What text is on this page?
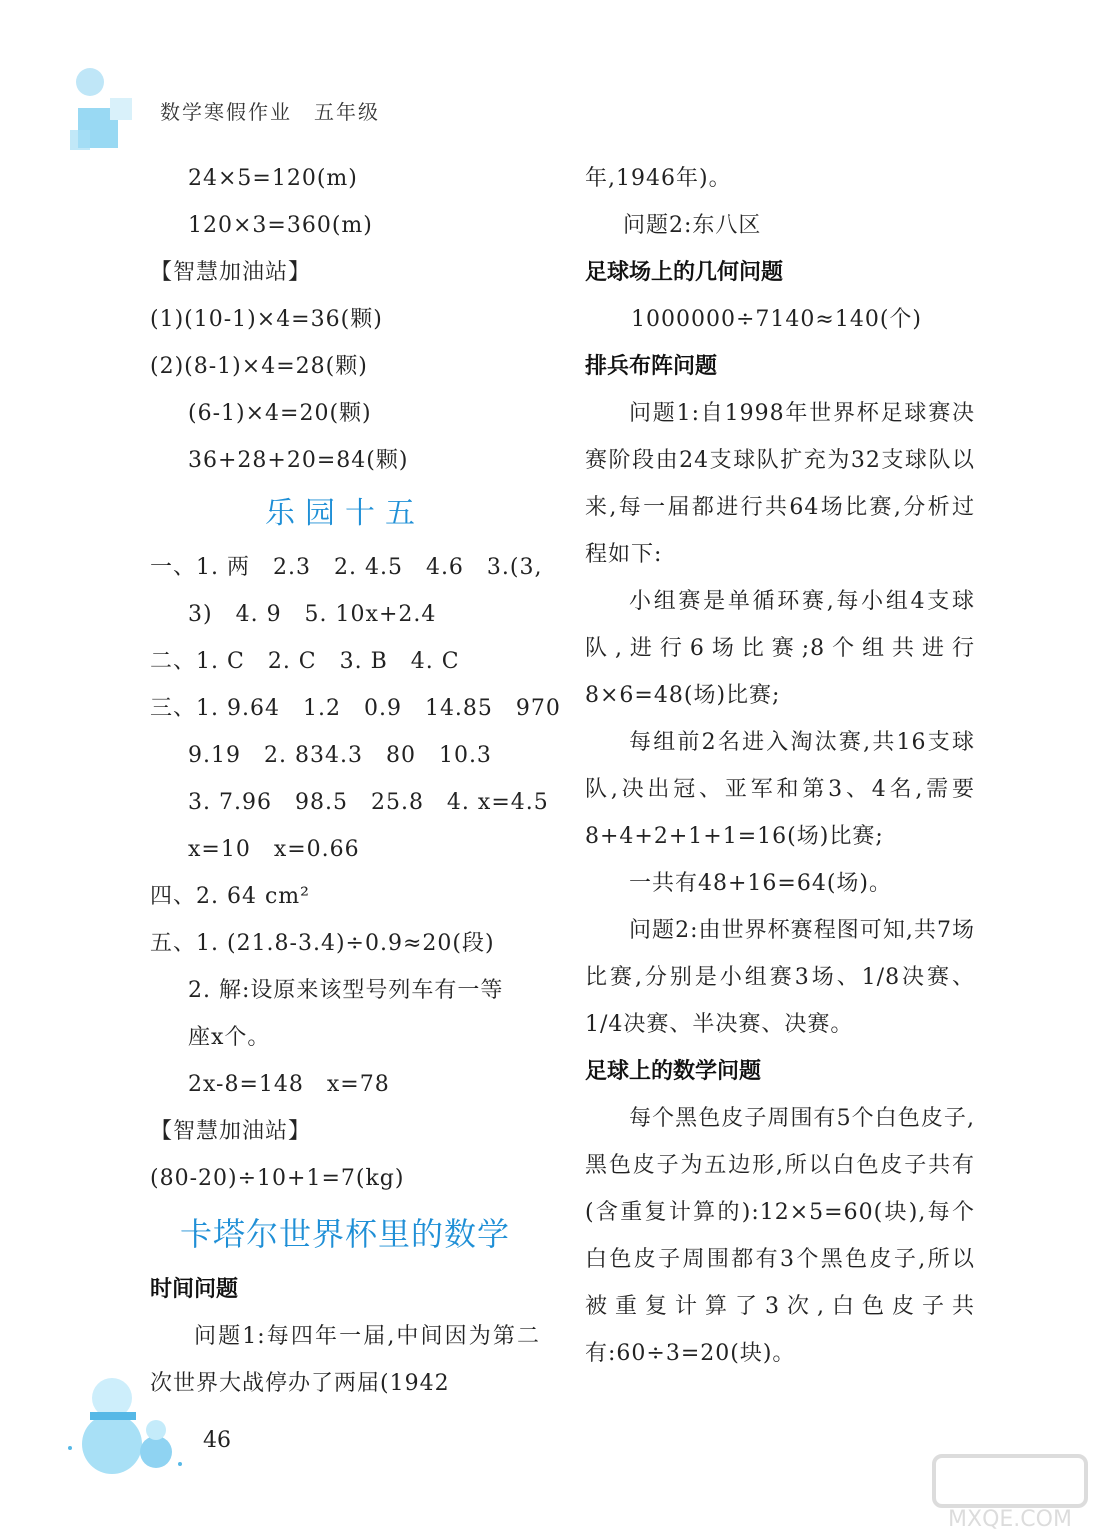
数学寒假作业　五年级
24×5=120(m)
120×3=360(m)
【智慧加油站】
(1)(10-1)×4=36(颗)
(2)(8-1)×4=28(颗)
(6-1)×4=20(颗)
36+28+20=84(颗)
乐园十五
一、1. 两　2.3　2. 4.5　4.6　3.(3,
3)　4. 9　5. 10x+2.4
二、1. C　2. C　3. B　4. C
三、1. 9.64　1.2　0.9　14.85　970
9.19　2. 834.3　80　10.3
3. 7.96　98.5　25.8　4. x=4.5
x=10　x=0.66
四、2. 64 cm²
五、1. (21.8-3.4)÷0.9≈20(段)
2. 解:设原来该型号列车有一等
座x个。
2x-8=148　x=78
【智慧加油站】
(80-20)÷10+1=7(kg)
卡塔尔世界杯里的数学
时间问题
问题1:每四年一届,中间因为第二次世界大战停办了两届(1942
年,1946年)。
问题2:东八区
足球场上的几何问题
1000000÷7140≈140(个)
排兵布阵问题
问题1:自1998年世界杯足球赛决赛阶段由24支球队扩充为32支球队以来,每一届都进行共64场比赛,分析过程如下:
小组赛是单循环赛,每小组4支球队,进行6场比赛;8个组共进行8×6=48(场)比赛;
每组前2名进入淘汰赛,共16支球队,决出冠、亚军和第3、4名,需要8+4+2+1+1=16(场)比赛;
一共有48+16=64(场)。
问题2:由世界杯赛程图可知,共7场比赛,分别是小组赛3场、1/8决赛、1/4决赛、半决赛、决赛。
足球上的数学问题
每个黑色皮子周围有5个白色皮子,黑色皮子为五边形,所以白色皮子共有(含重复计算的):12×5=60(块),每个白色皮子周围都有3个黑色皮子,所以被重复计算了3次,白色皮子共有:60÷3=20(块)。
46
MXQE.COM
